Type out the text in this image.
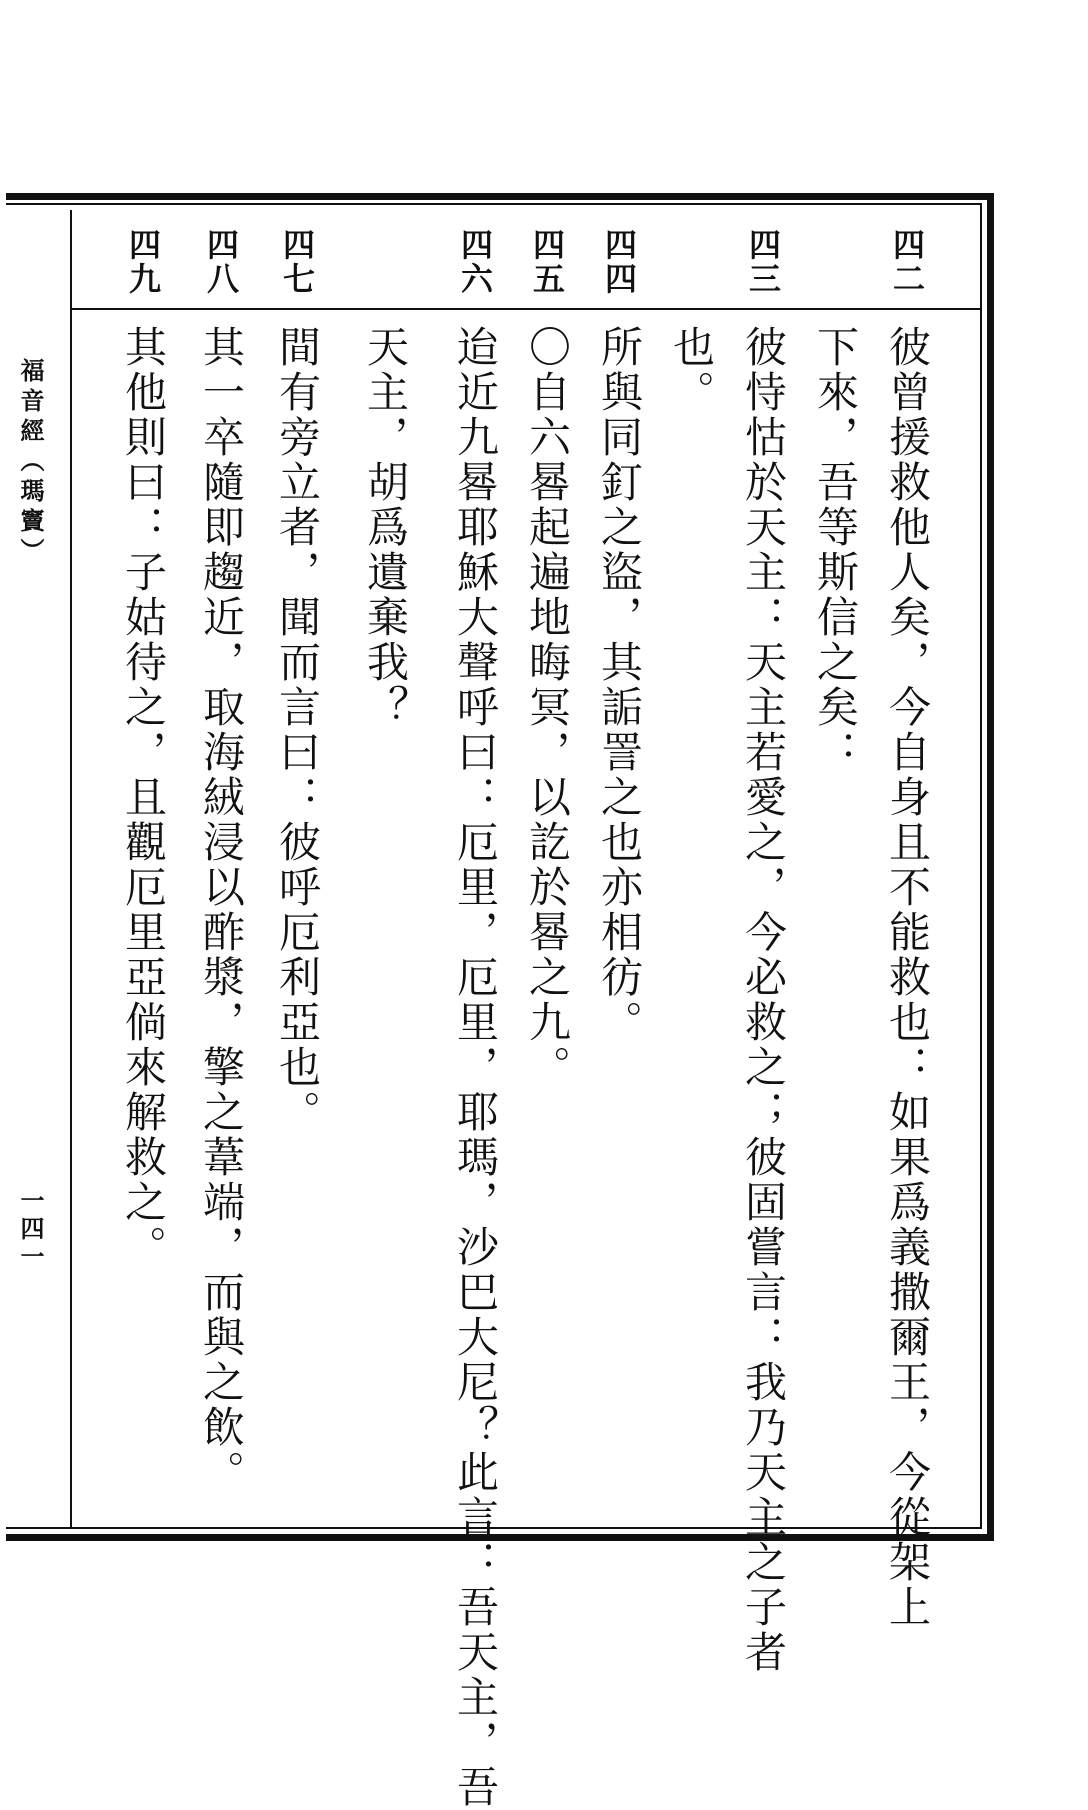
福音經（瑪竇）
一四一
四二
彼曾援救他人矣，今自身且不能救也：如果爲義撒爾王，今從架上
下來，吾等斯信之矣：
四三
彼恃怙於天主：天主若愛之，今必救之；彼固嘗言：我乃天主之子者
也。
四四
所與同釘之盜，其詬詈之也亦相彷。
四五
〇自六晷起遍地晦冥，以訖於晷之九。
四六
迨近九晷耶穌大聲呼曰：厄里，厄里，耶瑪，沙巴大尼？此言：吾天主，吾
天主，胡爲遺棄我？
四七
間有旁立者，聞而言曰：彼呼厄利亞也。
四八
其一卒隨即趨近，取海絨浸以酢漿，擎之葦端，而與之飲。
四九
其他則曰：子姑待之，且觀厄里亞倘來解救之。
